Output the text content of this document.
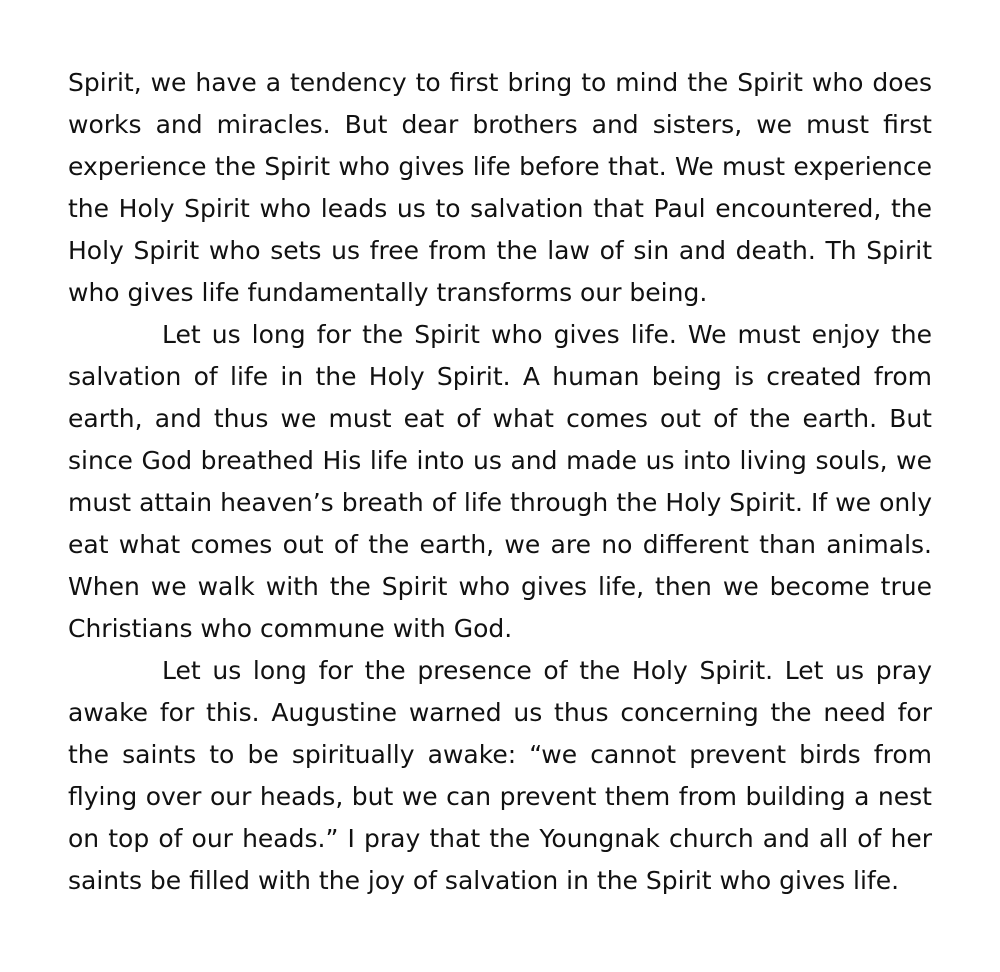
Spirit, we have a tendency to first bring to mind the Spirit who does works and miracles. But dear brothers and sisters, we must first experience the Spirit who gives life before that. We must experience the Holy Spirit who leads us to salvation that Paul encountered, the Holy Spirit who sets us free from the law of sin and death. Th Spirit who gives life fundamentally transforms our being.

Let us long for the Spirit who gives life. We must enjoy the salvation of life in the Holy Spirit. A human being is created from earth, and thus we must eat of what comes out of the earth. But since God breathed His life into us and made us into living souls, we must attain heaven’s breath of life through the Holy Spirit. If we only eat what comes out of the earth, we are no different than animals. When we walk with the Spirit who gives life, then we become true Christians who commune with God.

Let us long for the presence of the Holy Spirit. Let us pray awake for this. Augustine warned us thus concerning the need for the saints to be spiritually awake: “we cannot prevent birds from flying over our heads, but we can prevent them from building a nest on top of our heads.” I pray that the Youngnak church and all of her saints be filled with the joy of salvation in the Spirit who gives life.
